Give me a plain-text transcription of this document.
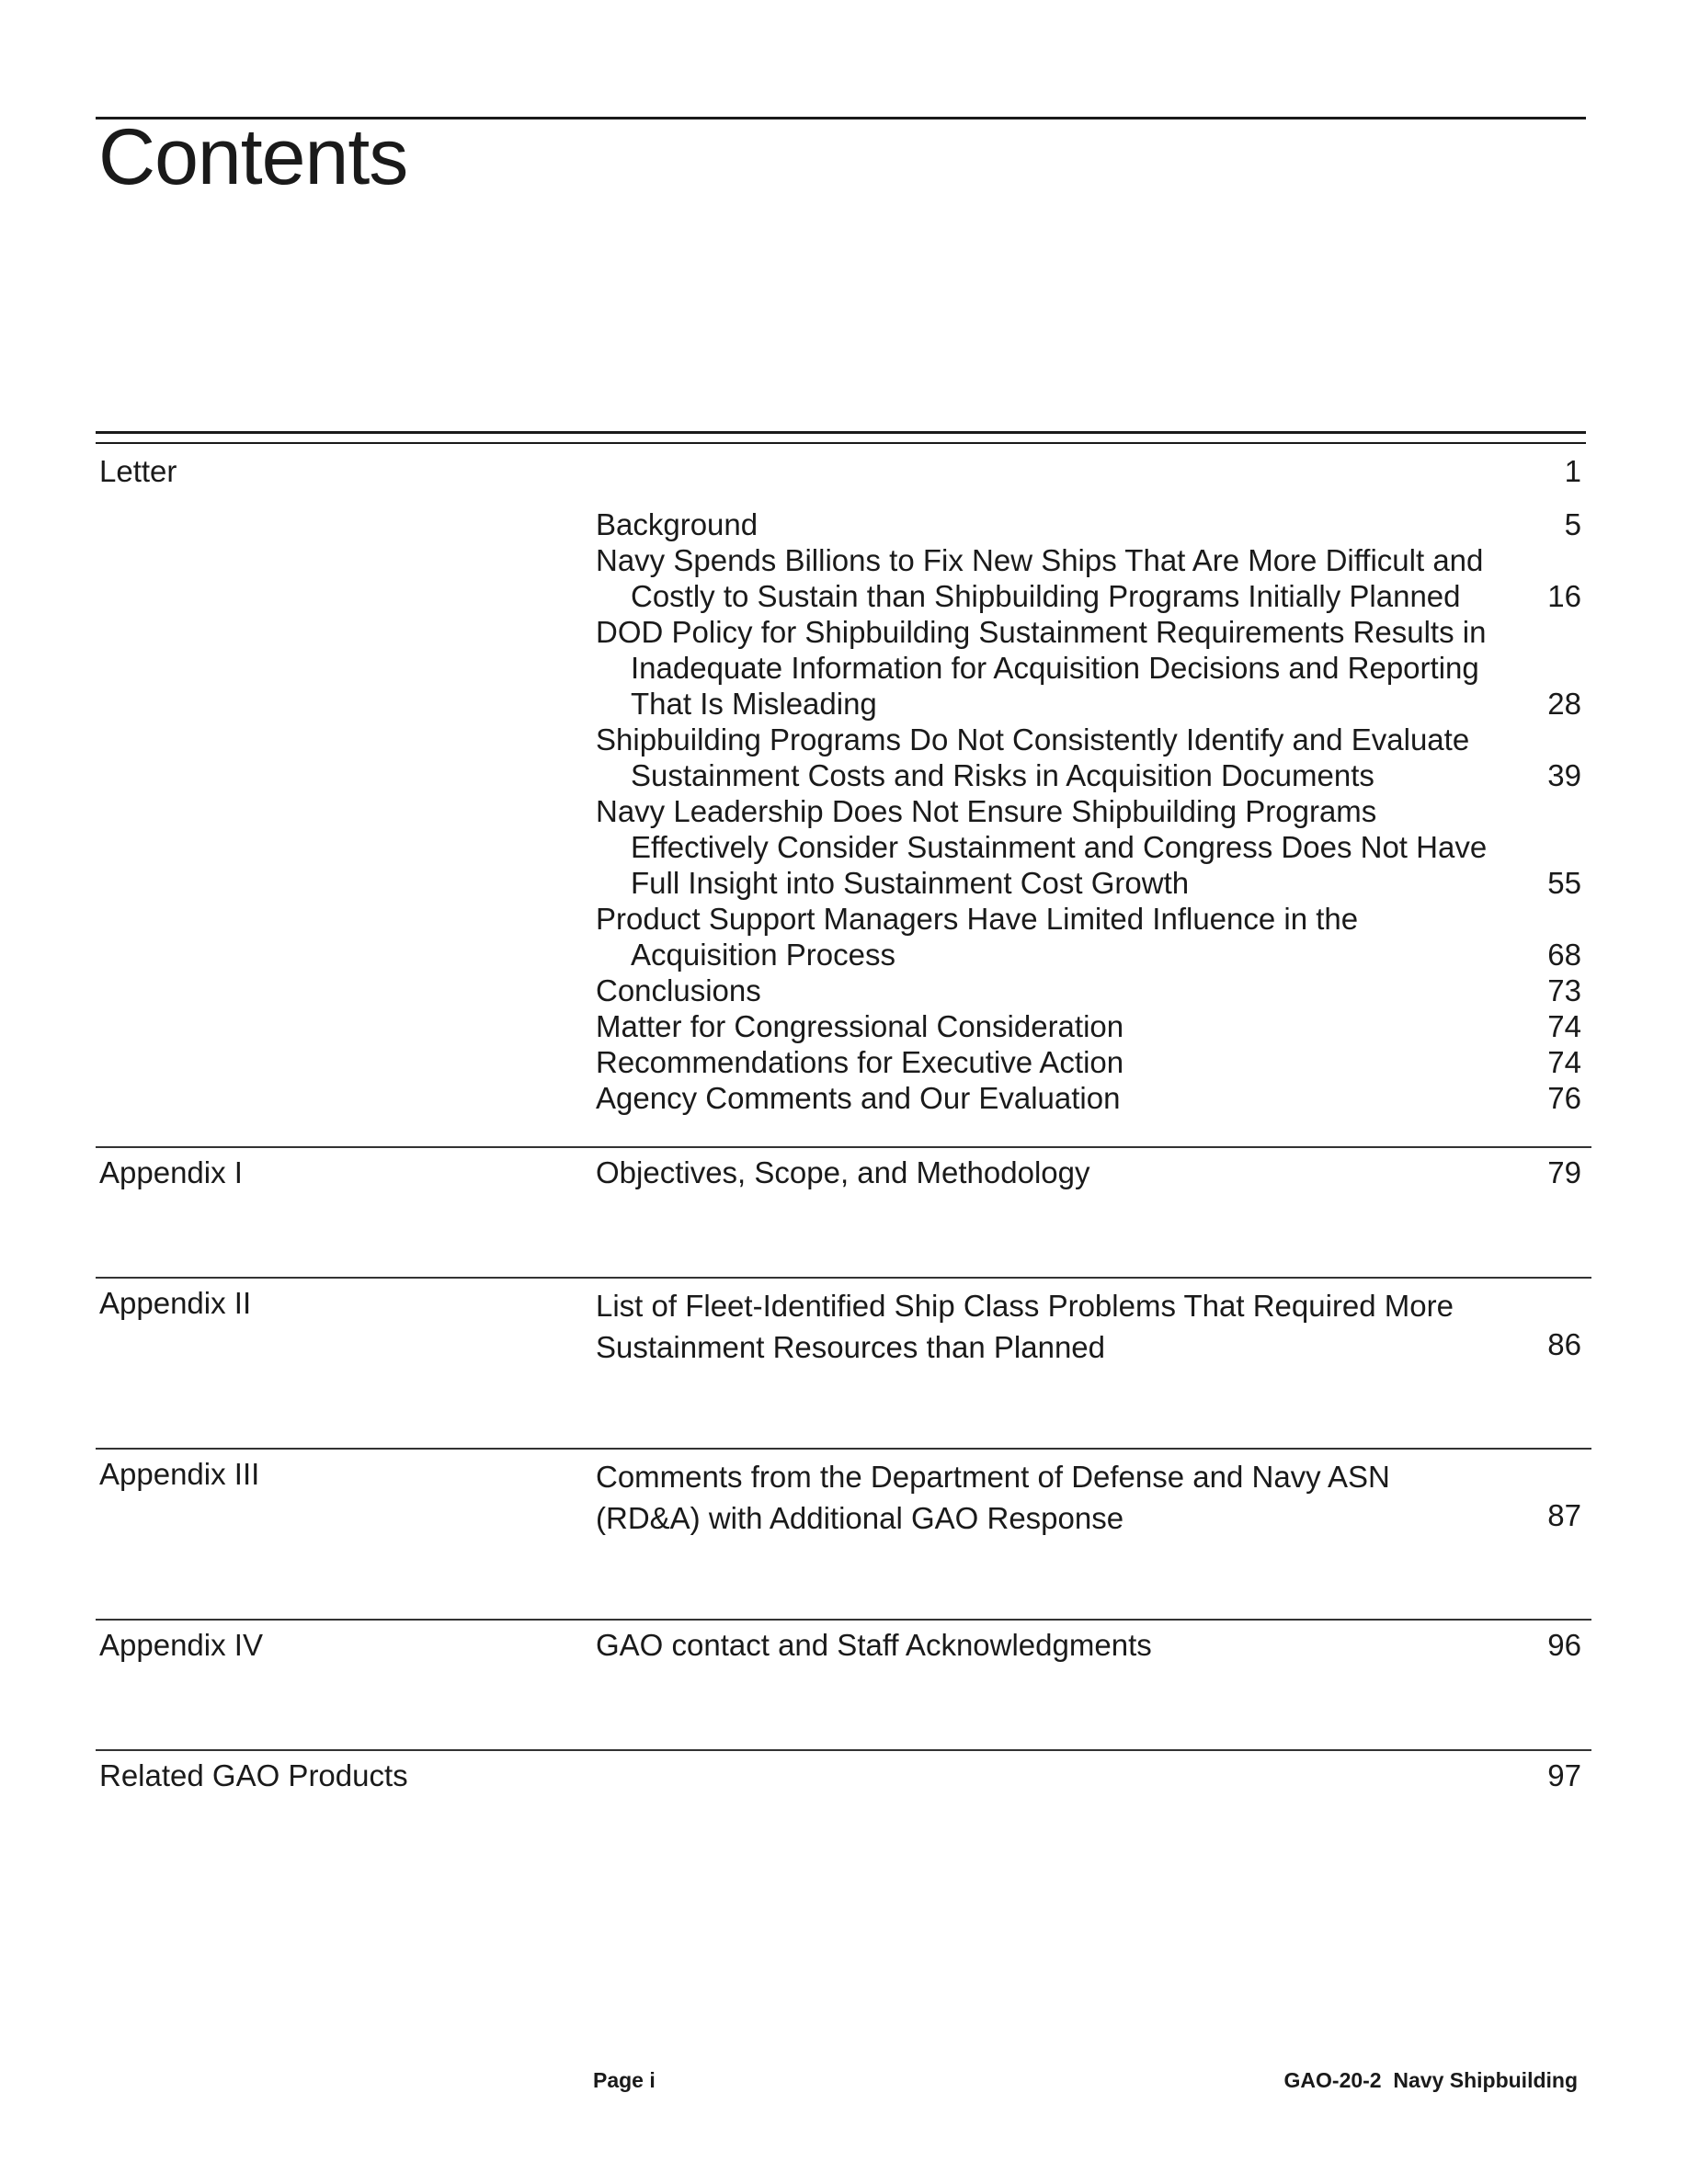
Contents
Letter	1
Background	5
Navy Spends Billions to Fix New Ships That Are More Difficult and
Costly to Sustain than Shipbuilding Programs Initially Planned	16
DOD Policy for Shipbuilding Sustainment Requirements Results in
Inadequate Information for Acquisition Decisions and Reporting
That Is Misleading	28
Shipbuilding Programs Do Not Consistently Identify and Evaluate
Sustainment Costs and Risks in Acquisition Documents	39
Navy Leadership Does Not Ensure Shipbuilding Programs
Effectively Consider Sustainment and Congress Does Not Have
Full Insight into Sustainment Cost Growth	55
Product Support Managers Have Limited Influence in the
Acquisition Process	68
Conclusions	73
Matter for Congressional Consideration	74
Recommendations for Executive Action	74
Agency Comments and Our Evaluation	76
Appendix I	Objectives, Scope, and Methodology	79
Appendix II	List of Fleet-Identified Ship Class Problems That Required More
Sustainment Resources than Planned	86
Appendix III	Comments from the Department of Defense and Navy ASN
(RD&A) with Additional GAO Response	87
Appendix IV	GAO contact and Staff Acknowledgments	96
Related GAO Products	97
Page i	GAO-20-2  Navy Shipbuilding
